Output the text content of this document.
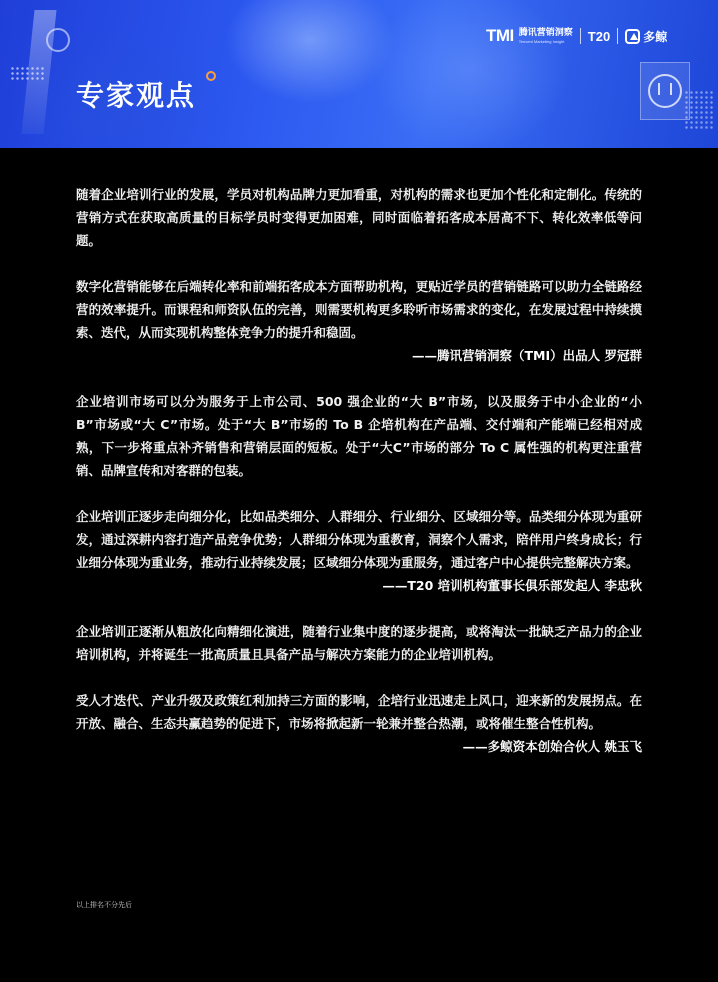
专家观点
TMI 腾讯营销洞察
Tencent Marketing Insight	T20	多鲸

随着企业培训行业的发展，学员对机构品牌力更加看重，对机构的需求也更加个性化和定制化。传统的营销方式在获取高质量的目标学员时变得更加困难，同时面临着拓客成本居高不下、转化效率低等问题。

数字化营销能够在后端转化率和前端拓客成本方面帮助机构，更贴近学员的营销链路可以助力全链路经营的效率提升。而课程和师资队伍的完善，则需要机构更多聆听市场需求的变化，在发展过程中持续摸索、迭代，从而实现机构整体竞争力的提升和稳固。

——腾讯营销洞察（TMI）出品人 罗冠群

企业培训市场可以分为服务于上市公司、500 强企业的“大 B”市场，以及服务于中小企业的“小 B”市场或“大 C”市场。处于“大 B”市场的 To B 企培机构在产品端、交付端和产能端已经相对成熟，下一步将重点补齐销售和营销层面的短板。处于“大C”市场的部分 To C 属性强的机构更注重营销、品牌宣传和对客群的包装。

企业培训正逐步走向细分化，比如品类细分、人群细分、行业细分、区域细分等。品类细分体现为重研发，通过深耕内容打造产品竞争优势；人群细分体现为重教育，洞察个人需求，陪伴用户终身成长；行业细分体现为重业务，推动行业持续发展；区域细分体现为重服务，通过客户中心提供完整解决方案。

——T20 培训机构董事长俱乐部发起人 李忠秋

企业培训正逐渐从粗放化向精细化演进，随着行业集中度的逐步提高，或将淘汰一批缺乏产品力的企业培训机构，并将诞生一批高质量且具备产品与解决方案能力的企业培训机构。

受人才迭代、产业升级及政策红利加持三方面的影响，企培行业迅速走上风口，迎来新的发展拐点。在开放、融合、生态共赢趋势的促进下，市场将掀起新一轮兼并整合热潮，或将催生整合性机构。

——多鲸资本创始合伙人 姚玉飞
以上排名不分先后
